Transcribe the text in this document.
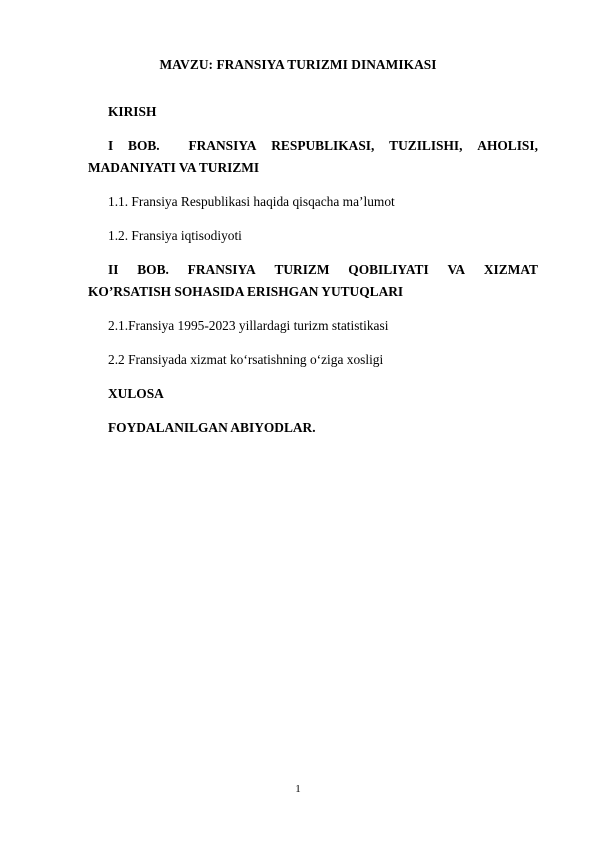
MAVZU: FRANSIYA TURIZMI DINAMIKASI
KIRISH
I BOB. FRANSIYA RESPUBLIKASI, TUZILISHI, AHOLISI,
MADANIYATI VA TURIZMI
1.1. Fransiya Respublikasi haqida qisqacha ma’lumot
1.2. Fransiya iqtisodiyoti
II BOB. FRANSIYA TURIZM QOBILIYATI VA XIZMAT
KO’RSATISH SOHASIDA ERISHGAN YUTUQLARI
2.1.Fransiya 1995-2023 yillardagi turizm statistikasi
2.2 Fransiyada xizmat ko‘rsatishning o‘ziga xosligi
XULOSA
FOYDALANILGAN ABIYODLAR.
1
